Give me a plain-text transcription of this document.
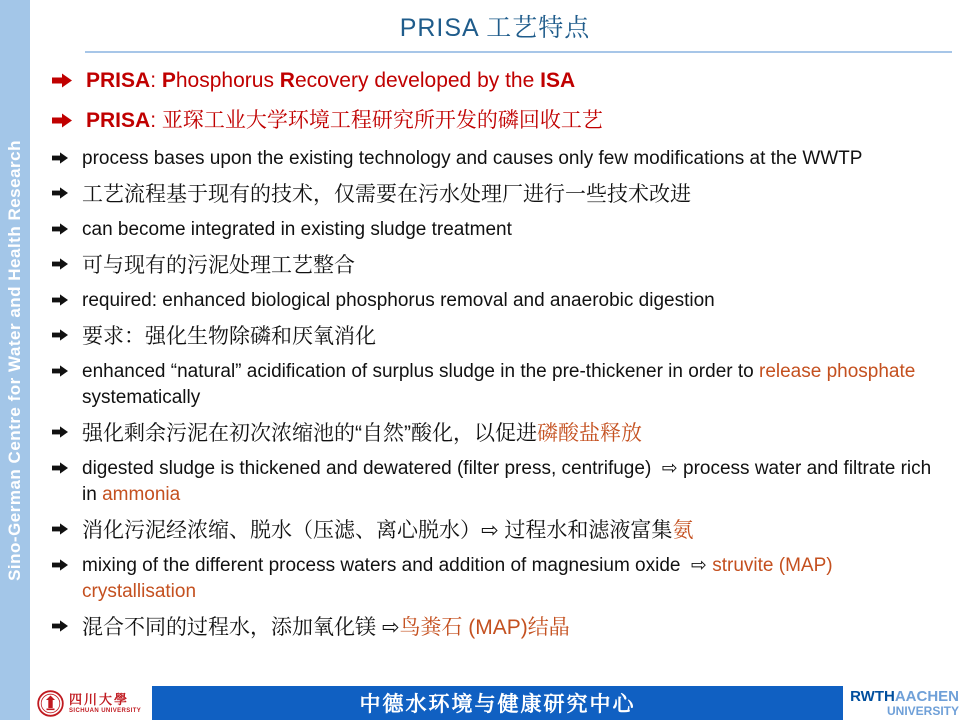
Sino-German Centre for Water and Health Research
PRISA 工艺特点
PRISA: Phosphorus Recovery developed by the ISA
PRISA: 亚琛工业大学环境工程研究所开发的磷回收工艺
process bases upon the existing technology and causes only few modifications at the WWTP
工艺流程基于现有的技术，仅需要在污水处理厂进行一些技术改进
can become integrated in existing sludge treatment
可与现有的污泥处理工艺整合
required: enhanced biological phosphorus removal and anaerobic digestion
要求：强化生物除磷和厌氧消化
enhanced “natural” acidification of surplus sludge in the pre-thickener in order to release phosphate systematically
强化剩余污泥在初次浓缩池的“自然”酸化，以促进磷酸盐释放
digested sludge is thickened and dewatered (filter press, centrifuge)  ⇨ process water and filtrate rich in ammonia
消化污泥经浓缩、脱水（压滤、离心脱水）⇨ 过程水和滤液富集氨
mixing of the different process waters and addition of magnesium oxide  ⇨ struvite (MAP) crystallisation
混合不同的过程水，添加氧化镁 ⇨鸟粪石 (MAP)结晶
四川大學
SICHUAN UNIVERSITY	中德水环境与健康研究中心	RWTHAACHEN
UNIVERSITY
